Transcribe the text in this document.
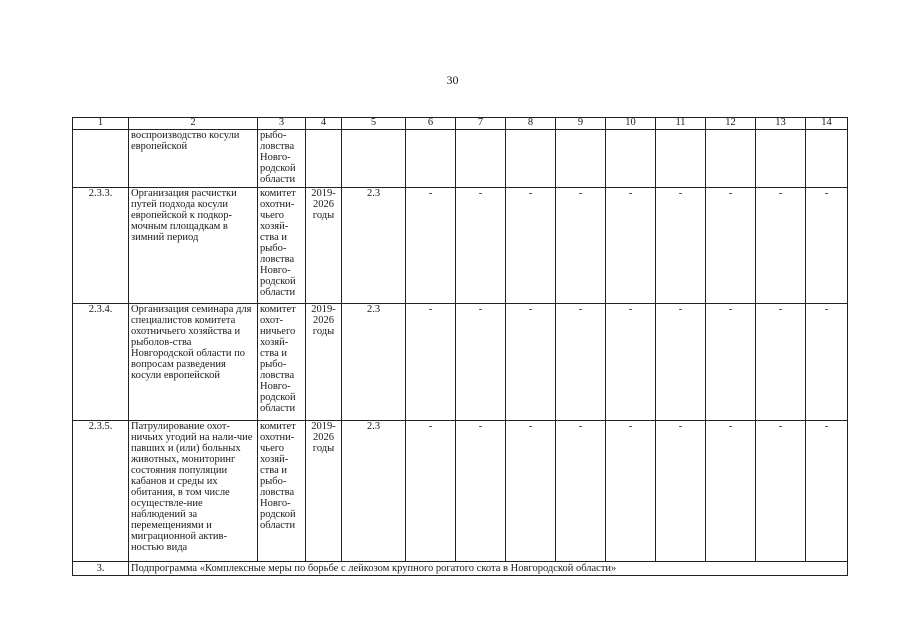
30
1	2	3	4	5	6	7	8	9	10	11	12	13	14
	воспроизводство косули европейской	рыбо-ловства Новго-родской области											
2.3.3.	Организация расчистки путей подхода косули европейской к подкор-мочным площадкам в зимний период	комитет охотни-чьего хозяй-ства и рыбо-ловства Новго-родской области	2019-2026 годы	2.3	-	-	-	-	-	-	-	-	-
2.3.4.	Организация семинара для специалистов комитета охотничьего хозяйства и рыболов-ства Новгородской области по вопросам разведения косули европейской	комитет охот-ничьего хозяй-ства и рыбо-ловства Новго-родской области	2019-2026 годы	2.3	-	-	-	-	-	-	-	-	-
2.3.5.	Патрулирование охот-ничьих угодий на нали-чие павших и (или) больных животных, мониторинг состояния популяции кабанов и среды их обитания, в том числе осуществле-ние наблюдений за перемещениями и миграционной актив-ностью вида	комитет охотни-чьего хозяй-ства и рыбо-ловства Новго-родской области	2019-2026 годы	2.3	-	-	-	-	-	-	-	-	-
3.	Подпрограмма «Комплексные меры по борьбе с лейкозом крупного рогатого скота в Новгородской области»												
